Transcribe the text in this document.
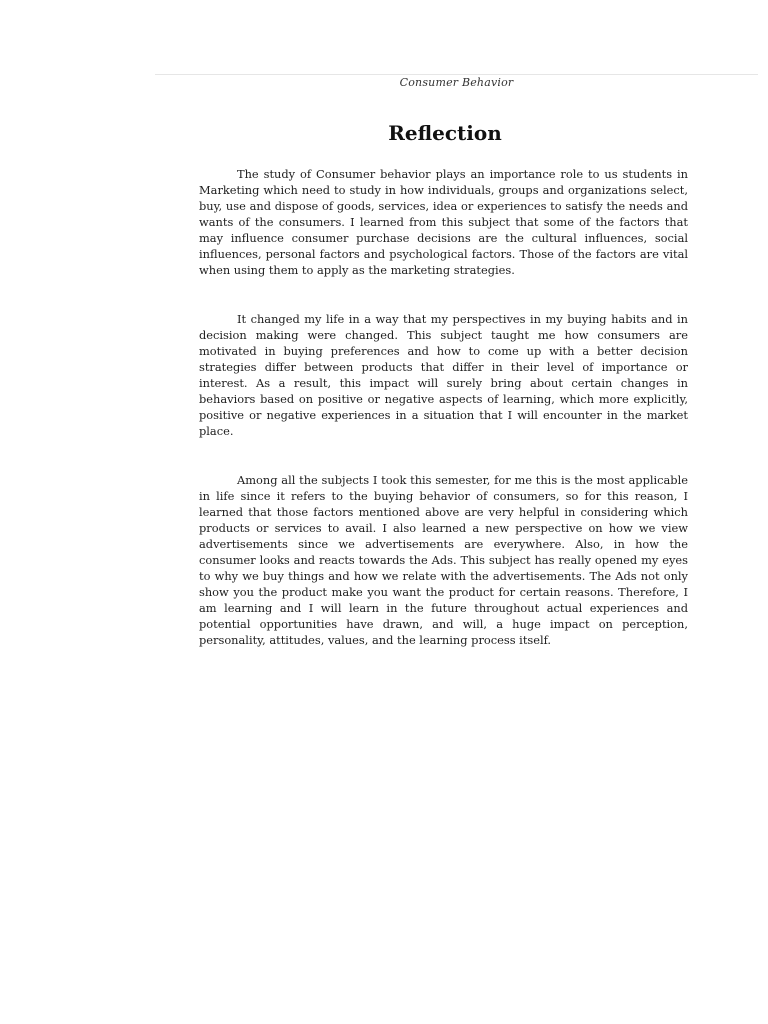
Consumer Behavior
Reflection

The study of Consumer behavior plays an importance role to us students in Marketing which need to study in how individuals, groups and organizations select, buy, use and dispose of goods, services, idea or experiences to satisfy the needs and wants of the consumers. I learned from this subject that some of the factors that may influence consumer purchase decisions are the cultural influences, social influences, personal factors and psychological factors. Those of the factors are vital when using them to apply as the marketing strategies.

It changed my life in a way that my perspectives in my buying habits and in decision making were changed. This subject taught me how consumers are motivated in buying preferences and how to come up with a better decision strategies differ between products that differ in their level of importance or interest. As a result, this impact will surely bring about certain changes in behaviors based on positive or negative aspects of learning, which more explicitly, positive or negative experiences in a situation that I will encounter in the market place.

Among all the subjects I took this semester, for me this is the most applicable in life since it refers to the buying behavior of consumers, so for this reason, I learned that those factors mentioned above are very helpful in considering which products or services to avail. I also learned a new perspective on how we view advertisements since we advertisements are everywhere. Also, in how the consumer looks and reacts towards the Ads. This subject has really opened my eyes to why we buy things and how we relate with the advertisements. The Ads not only show you the product make you want the product for certain reasons. Therefore, I am learning and I will learn in the future throughout actual experiences and potential opportunities have drawn, and will, a huge impact on perception, personality, attitudes, values, and the learning process itself.
